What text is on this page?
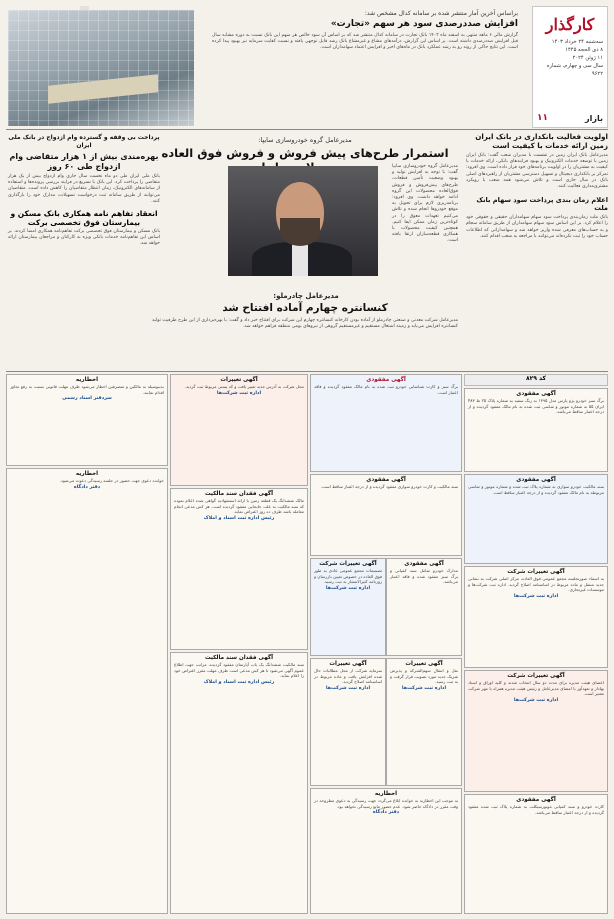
کارگذار
سه‌شنبه ۲۴ خرداد ۱۴۰۳
۸ ذی الحجه ۱۴۴۵
۱۱ ژوئن ۲۰۲۴
سال سی و چهارم، شماره ۹۶۲۲
بازار
۱۱
براساس آخرین آمار منتشر شده بر سامانه کدال مشخص شد:
افزایش صددرصدی سود هر سهم «تجارت»
گزارش مالی ۶ ماهه منتهی به اسفند ماه ۱۴۰۲ بانک تجارت در سامانه کدال منتشر شد که بر اساس آن سود خالص هر سهم این بانک نسبت به دوره مشابه سال قبل افزایش صددرصدی داشته است. بر اساس این گزارش، درآمدهای مشاع و غیرمشاع بانک رشد قابل توجهی یافته و نسبت کفایت سرمایه نیز بهبود پیدا کرده است. این نتایج حاکی از روند رو به رشد عملکرد بانک در ماه‌های اخیر و افزایش اعتماد سهامداران است.
اولویت فعالیت بانکداری در بانک ایران زمین ارائه خدمات با کیفیت است
مدیرعامل بانک ایران زمین در نشست با مدیران شعب گفت: بانک ایران زمین با توسعه خدمات الکترونیک و بهبود فرایندهای بانکی، ارائه خدمات با کیفیت به مشتریان را در اولویت برنامه‌های خود قرار داده است. وی افزود: تمرکز بر بانکداری دیجیتال و تسهیل دسترسی مشتریان از راهبردهای اصلی بانک در سال جاری است و تلاش می‌شود همه شعب با رویکرد مشتری‌مداری فعالیت کنند.
اعلام زمان بندی پرداخت سود سهام بانک ملت
بانک ملت زمان‌بندی پرداخت سود سهام سهامداران حقیقی و حقوقی خود را اعلام کرد. بر این اساس سود سهام سهامداران از طریق سامانه سجام و به حساب‌های معرفی شده واریز خواهد شد و سهامدارانی که اطلاعات حساب خود را ثبت نکرده‌اند می‌توانند با مراجعه به شعب اقدام کنند.
مدیرعامل گروه خودروسازی سایپا:
استمرار طرح‌های پیش فروش و فروش فوق العاده
مدیرعامل گروه خودروسازی سایپا گفت: با توجه به افزایش تولید و بهبود وضعیت تأمین قطعات، طرح‌های پیش‌فروش و فروش فوق‌العاده محصولات این گروه ادامه خواهد داشت. وی افزود: برنامه‌ریزی لازم برای تحویل به موقع خودروها انجام شده و تلاش می‌کنیم تعهدات معوق را در کوتاه‌ترین زمان ممکن ایفا کنیم. همچنین کیفیت محصولات با همکاری قطعه‌سازان ارتقا یافته است.
مدیرعامل چادرملو:
کنسانتره چهارم آماده افتتاح شد
مدیرعامل شرکت معدنی و صنعتی چادرملو از آماده بودن کارخانه کنسانتره چهارم این شرکت برای افتتاح خبر داد و گفت: با بهره‌برداری از این طرح ظرفیت تولید کنسانتره افزایش می‌یابد و زمینه اشتغال مستقیم و غیرمستقیم گروهی از نیروهای بومی منطقه فراهم خواهد شد.
پرداخت بی وقفه و گسترده وام ازدواج در بانک ملی ایران
بهره‌مندی بیش از ۱ هزار متقاضی وام ازدواج طی ۶۰ روز
بانک ملی ایران طی دو ماه نخست سال جاری وام ازدواج بیش از یک هزار متقاضی را پرداخت کرد. این بانک با تسریع در فرایند بررسی پرونده‌ها و استفاده از سامانه‌های الکترونیک، زمان انتظار متقاضیان را کاهش داده است. متقاضیان می‌توانند از طریق سامانه ثبت درخواست تسهیلات، مدارک خود را بارگذاری کنند.
انعقاد تفاهم نامه همکاری بانک مسکن و بیمارستان فوق تخصصی برکت
بانک مسکن و بیمارستان فوق تخصصی برکت تفاهم‌نامه همکاری امضا کردند. بر اساس این تفاهم‌نامه خدمات بانکی ویژه به کارکنان و مراجعان بیمارستان ارائه خواهد شد.
کد ۸۲۹
آگهی مفقودی
برگ سبز خودرو پژو پارس مدل ۱۳۹۵ به رنگ سفید به شماره پلاک ۲۵ ط ۴۸۳ ایران ۵۵ به شماره موتور و شاسی ثبت شده به نام مالک مفقود گردیده و از درجه اعتبار ساقط می‌باشد.
آگهی مفقودی
سند مالکیت خودرو سواری به شماره پلاک ثبت شده و شماره موتور و شاسی مربوطه به نام مالک مفقود گردیده و از درجه اعتبار ساقط است.
آگهی تغییرات شرکت
به استناد صورتجلسه مجمع عمومی فوق العاده، مرکز اصلی شرکت به نشانی جدید منتقل و ماده مربوط در اساسنامه اصلاح گردید. اداره ثبت شرکت‌ها و موسسات غیرتجاری.
اداره ثبت شرکت‌ها
آگهی تغییرات شرکت
اعضای هیئت مدیره برای مدت دو سال انتخاب شدند و کلیه اوراق و اسناد بهادار و تعهدآور با امضای مدیرعامل و رئیس هیئت مدیره همراه با مهر شرکت معتبر است.
اداره ثبت شرکت‌ها
آگهی مفقودی
کارت خودرو و سند کمپانی موتورسیکلت به شماره پلاک ثبت شده مفقود گردیده و از درجه اعتبار ساقط می‌باشد.
آگهی مفقودی
برگ سبز و کارت شناسایی خودرو ثبت شده به نام مالک مفقود گردیده و فاقد اعتبار است.
آگهی مفقودی
سند مالکیت و کارت خودرو سواری مفقود گردیده و از درجه اعتبار ساقط است.
آگهی مفقودی
مدارک خودرو شامل سند کمپانی و برگ سبز مفقود شده و فاقد اعتبار می‌باشد.
آگهی تغییرات شرکت
تصمیمات مجمع عمومی عادی به طور فوق العاده در خصوص تعیین بازرسان و روزنامه کثیرالانتشار به ثبت رسید.
اداره ثبت شرکت‌ها
آگهی تغییرات
نقل و انتقال سهم‌الشرکه و پذیرش شریک جدید مورد تصویب قرار گرفت و به ثبت رسید.
اداره ثبت شرکت‌ها
آگهی تغییرات
سرمایه شرکت از محل مطالبات حال شده افزایش یافت و ماده مربوط در اساسنامه اصلاح گردید.
اداره ثبت شرکت‌ها
اخطاریه
به موجب این اخطاریه به خوانده ابلاغ می‌گردد جهت رسیدگی به دعوی مطروحه در وقت مقرر در دادگاه حاضر شود. عدم حضور مانع رسیدگی نخواهد بود.
دفتر دادگاه
آگهی تغییرات
محل شرکت به آدرس جدید تغییر یافت و کد پستی مربوط ثبت گردید.
اداره ثبت شرکت‌ها
آگهی فقدان سند مالکیت
مالک ششدانگ یک قطعه زمین با ارائه استشهادیه گواهی شده اعلام نموده که سند مالکیت به علت جابجایی مفقود گردیده است. هر کس مدعی انجام معامله باشد ظرف ده روز اعتراض نماید.
رئیس اداره ثبت اسناد و املاک
آگهی فقدان سند مالکیت
سند مالکیت ششدانگ یک باب آپارتمان مفقود گردیده، مراتب جهت اطلاع عموم آگهی می‌شود تا هر کس مدعی است ظرف مهلت مقرر اعتراض خود را اعلام نماید.
رئیس اداره ثبت اسناد و املاک
اخطاریه
بدینوسیله به مالکین و متصرفین اخطار می‌شود ظرف مهلت قانونی نسبت به رفع تجاوز اقدام نمایند.
سردفتر اسناد رسمی
اخطاریه
خوانده دعوی جهت حضور در جلسه رسیدگی دعوت می‌شود.
دفتر دادگاه
